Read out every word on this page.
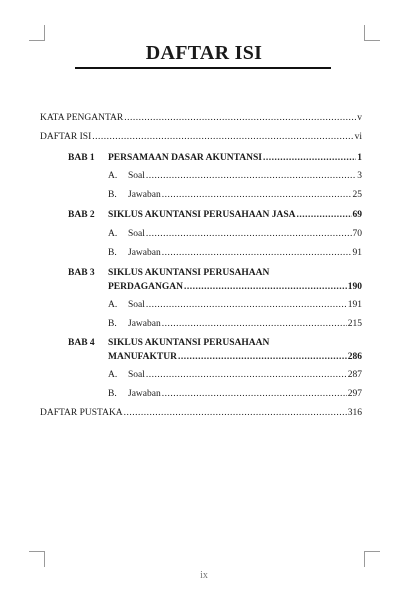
DAFTAR ISI
KATA PENGANTAR .....	v
DAFTAR ISI .....	vi
BAB 1 PERSAMAAN DASAR AKUNTANSI .....	1
A. Soal .....	3
B. Jawaban .....	25
BAB 2 SIKLUS AKUNTANSI PERUSAHAAN JASA .....	69
A. Soal .....	70
B. Jawaban .....	91
BAB 3 SIKLUS AKUNTANSI PERUSAHAAN
PERDAGANGAN .....	190
A. Soal .....	191
B. Jawaban .....	215
BAB 4 SIKLUS AKUNTANSI PERUSAHAAN
MANUFAKTUR .....	286
A. Soal .....	287
B. Jawaban .....	297
DAFTAR PUSTAKA .....	316
ix
